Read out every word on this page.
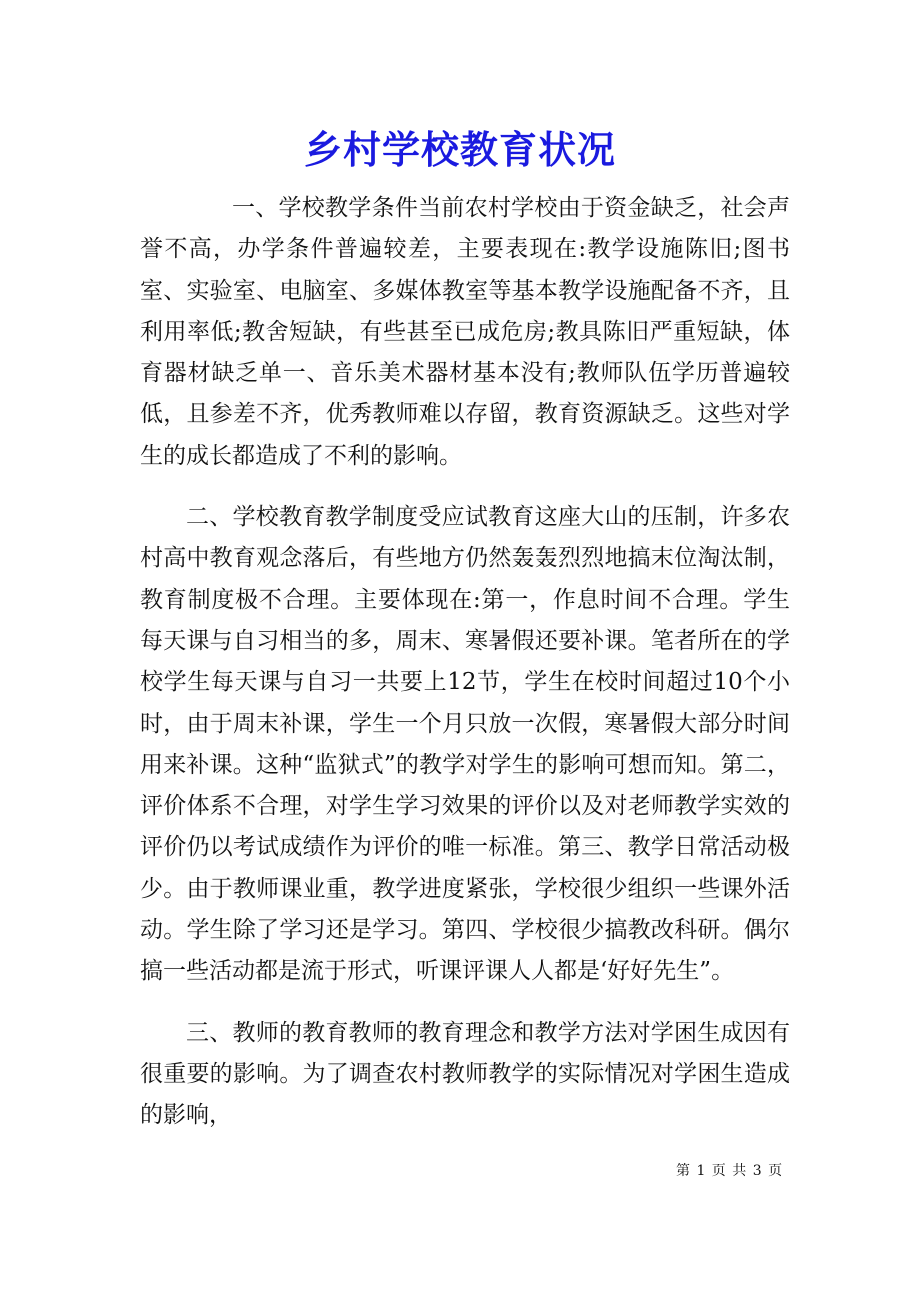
乡村学校教育状况

一、学校教学条件当前农村学校由于资金缺乏，社会声誉不高，办学条件普遍较差，主要表现在:教学设施陈旧;图书室、实验室、电脑室、多媒体教室等基本教学设施配备不齐，且利用率低;教舍短缺，有些甚至已成危房;教具陈旧严重短缺，体育器材缺乏单一、音乐美术器材基本没有;教师队伍学历普遍较低，且参差不齐，优秀教师难以存留，教育资源缺乏。这些对学生的成长都造成了不利的影响。

二、学校教育教学制度受应试教育这座大山的压制，许多农村高中教育观念落后，有些地方仍然轰轰烈烈地搞末位淘汰制，教育制度极不合理。主要体现在:第一，作息时间不合理。学生每天课与自习相当的多，周末、寒暑假还要补课。笔者所在的学校学生每天课与自习一共要上12节，学生在校时间超过10个小时，由于周末补课，学生一个月只放一次假，寒暑假大部分时间用来补课。这种“监狱式”的教学对学生的影响可想而知。第二，评价体系不合理，对学生学习效果的评价以及对老师教学实效的评价仍以考试成绩作为评价的唯一标准。第三、教学日常活动极少。由于教师课业重，教学进度紧张，学校很少组织一些课外活动。学生除了学习还是学习。第四、学校很少搞教改科研。偶尔搞一些活动都是流于形式，听课评课人人都是‘好好先生”。

三、教师的教育教师的教育理念和教学方法对学困生成因有很重要的影响。为了调查农村教师教学的实际情况对学困生造成的影响，

第 1 页 共 3 页
